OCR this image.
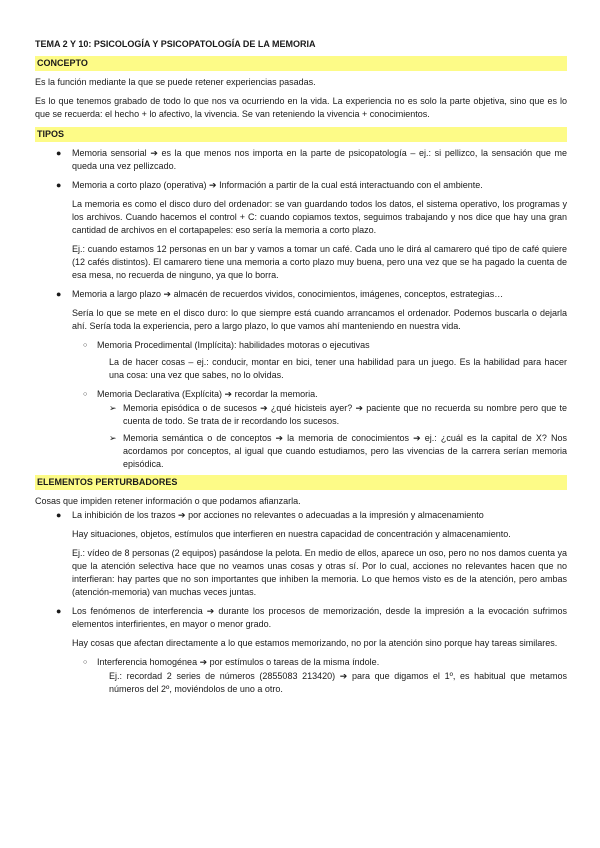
TEMA 2 Y 10: PSICOLOGÍA Y PSICOPATOLOGÍA DE LA MEMORIA
CONCEPTO

Es la función mediante la que se puede retener experiencias pasadas.

Es lo que tenemos grabado de todo lo que nos va ocurriendo en la vida. La experiencia no es solo la parte objetiva, sino que es lo que se recuerda: el hecho + lo afectivo, la vivencia. Se van reteniendo la vivencia + conocimientos.

TIPOS
● Memoria sensorial ➔ es la que menos nos importa en la parte de psicopatología – ej.: si pellizco, la sensación que me queda una vez pellizcado.
● Memoria a corto plazo (operativa) ➔ Información a partir de la cual está interactuando con el ambiente.

La memoria es como el disco duro del ordenador: se van guardando todos los datos, el sistema operativo, los programas y los archivos. Cuando hacemos el control + C: cuando copiamos textos, seguimos trabajando y nos dice que hay una gran cantidad de archivos en el cortapapeles: eso sería la memoria a corto plazo.

Ej.: cuando estamos 12 personas en un bar y vamos a tomar un café. Cada uno le dirá al camarero qué tipo de café quiere (12 cafés distintos). El camarero tiene una memoria a corto plazo muy buena, pero una vez que se ha pagado la cuenta de esa mesa, no recuerda de ninguno, ya que lo borra.

● Memoria a largo plazo ➔ almacén de recuerdos vividos, conocimientos, imágenes, conceptos, estrategias…

Sería lo que se mete en el disco duro: lo que siempre está cuando arrancamos el ordenador. Podemos buscarla o dejarla ahí. Sería toda la experiencia, pero a largo plazo, lo que vamos ahí manteniendo en nuestra vida.

○ Memoria Procedimental (Implícita): habilidades motoras o ejecutivas

La de hacer cosas – ej.: conducir, montar en bici, tener una habilidad para un juego. Es la habilidad para hacer una cosa: una vez que sabes, no lo olvidas.

○ Memoria Declarativa (Explícita) ➔ recordar la memoria.
➢ Memoria episódica o de sucesos ➔ ¿qué hicisteis ayer? ➔ paciente que no recuerda su nombre pero que te cuenta de todo. Se trata de ir recordando los sucesos.
➢ Memoria semántica o de conceptos ➔ la memoria de conocimientos ➔ ej.: ¿cuál es la capital de X? Nos acordamos por conceptos, al igual que cuando estudiamos, pero las vivencias de la carrera serían memoria episódica.
ELEMENTOS PERTURBADORES

Cosas que impiden retener información o que podamos afianzarla.

● La inhibición de los trazos ➔ por acciones no relevantes o adecuadas a la impresión y almacenamiento

Hay situaciones, objetos, estímulos que interfieren en nuestra capacidad de concentración y almacenamiento.

Ej.: vídeo de 8 personas (2 equipos) pasándose la pelota. En medio de ellos, aparece un oso, pero no nos damos cuenta ya que la atención selectiva hace que no veamos unas cosas y otras sí. Por lo cual, acciones no relevantes hacen que no interfieran: hay partes que no son importantes que inhiben la memoria. Lo que hemos visto es de la atención, pero ambas (atención-memoria) van muchas veces juntas.

● Los fenómenos de interferencia ➔ durante los procesos de memorización, desde la impresión a la evocación sufrimos elementos interfirientes, en mayor o menor grado.

Hay cosas que afectan directamente a lo que estamos memorizando, no por la atención sino porque hay tareas similares.

○ Interferencia homogénea ➔ por estímulos o tareas de la misma índole.

Ej.: recordad 2 series de números (2855083 213420) ➔ para que digamos el 1º, es habitual que metamos números del 2º, moviéndolos de uno a otro.
